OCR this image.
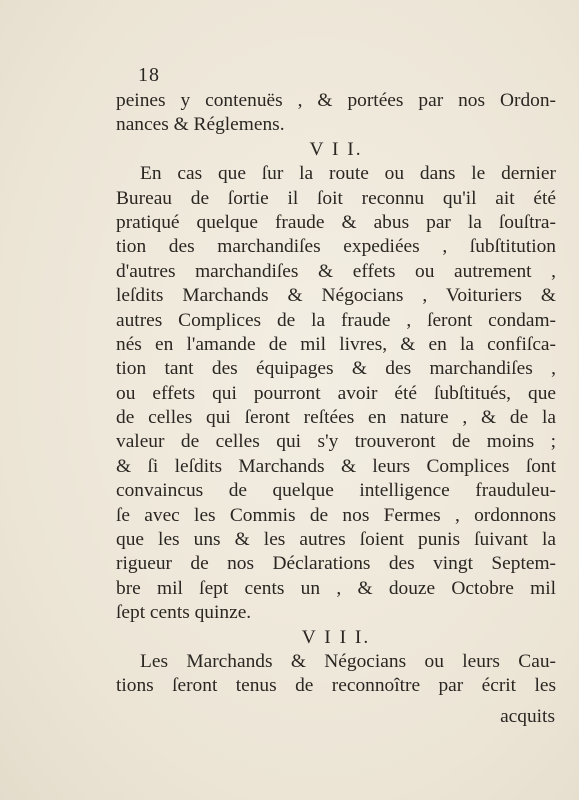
18
peines y contenuës , & portées par nos Ordon-
nances & Réglemens.
V I I.
En cas que ſur la route ou dans le dernier
Bureau de ſortie il ſoit reconnu qu'il ait été
pratiqué quelque fraude & abus par la ſouſtra-
tion des marchandiſes expediées , ſubſtitution
d'autres marchandiſes & effets ou autrement ,
leſdits Marchands & Négocians , Voituriers &
autres Complices de la fraude , ſeront condam-
nés en l'amande de mil livres, & en la confiſca-
tion tant des équipages & des marchandiſes ,
ou effets qui pourront avoir été ſubſtitués, que
de celles qui ſeront reſtées en nature , & de la
valeur de celles qui s'y trouveront de moins ;
& ſi leſdits Marchands & leurs Complices ſont
convaincus de quelque intelligence frauduleu-
ſe avec les Commis de nos Fermes , ordonnons
que les uns & les autres ſoient punis ſuivant la
rigueur de nos Déclarations des vingt Septem-
bre mil ſept cents un , & douze Octobre mil
ſept cents quinze.
V I I I.
Les Marchands & Négocians ou leurs Cau-
tions ſeront tenus de reconnoître par écrit les
acquits
